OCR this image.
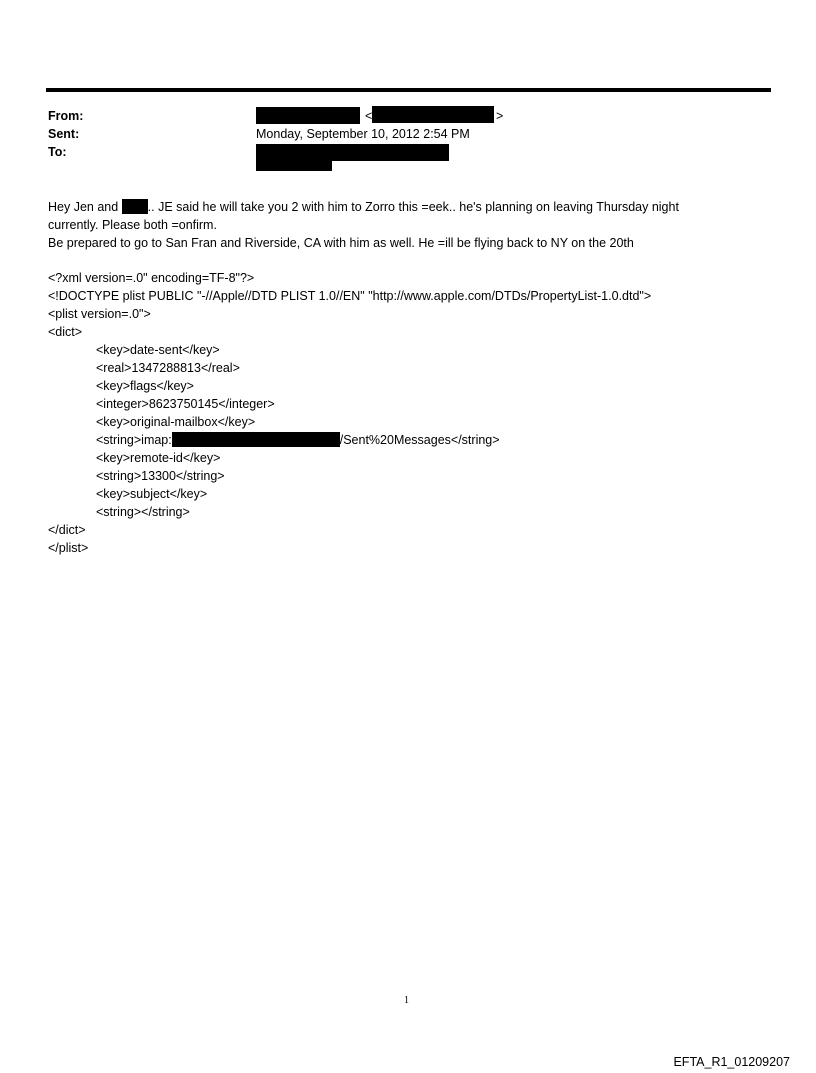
From:	<	>
Sent:	Monday, September 10, 2012 2:54 PM
To:
Hey Jen and .. JE said he will take you 2 with him to Zorro this =eek.. he's planning on leaving Thursday night
currently. Please both =onfirm.
Be prepared to go to San Fran and Riverside, CA with him as well. He =ill be flying back to NY on the 20th
<?xml version=.0" encoding=TF-8"?>
<!DOCTYPE plist PUBLIC "-//Apple//DTD PLIST 1.0//EN" "http://www.apple.com/DTDs/PropertyList-1.0.dtd">
<plist version=.0">
<dict>
<key>date-sent</key>
<real>1347288813</real>
<key>flags</key>
<integer>8623750145</integer>
<key>original-mailbox</key>
<string>imap:	/Sent%20Messages</string>
<key>remote-id</key>
<string>13300</string>
<key>subject</key>
<string></string>
</dict>
</plist>
1
EFTA_R1_01209207
